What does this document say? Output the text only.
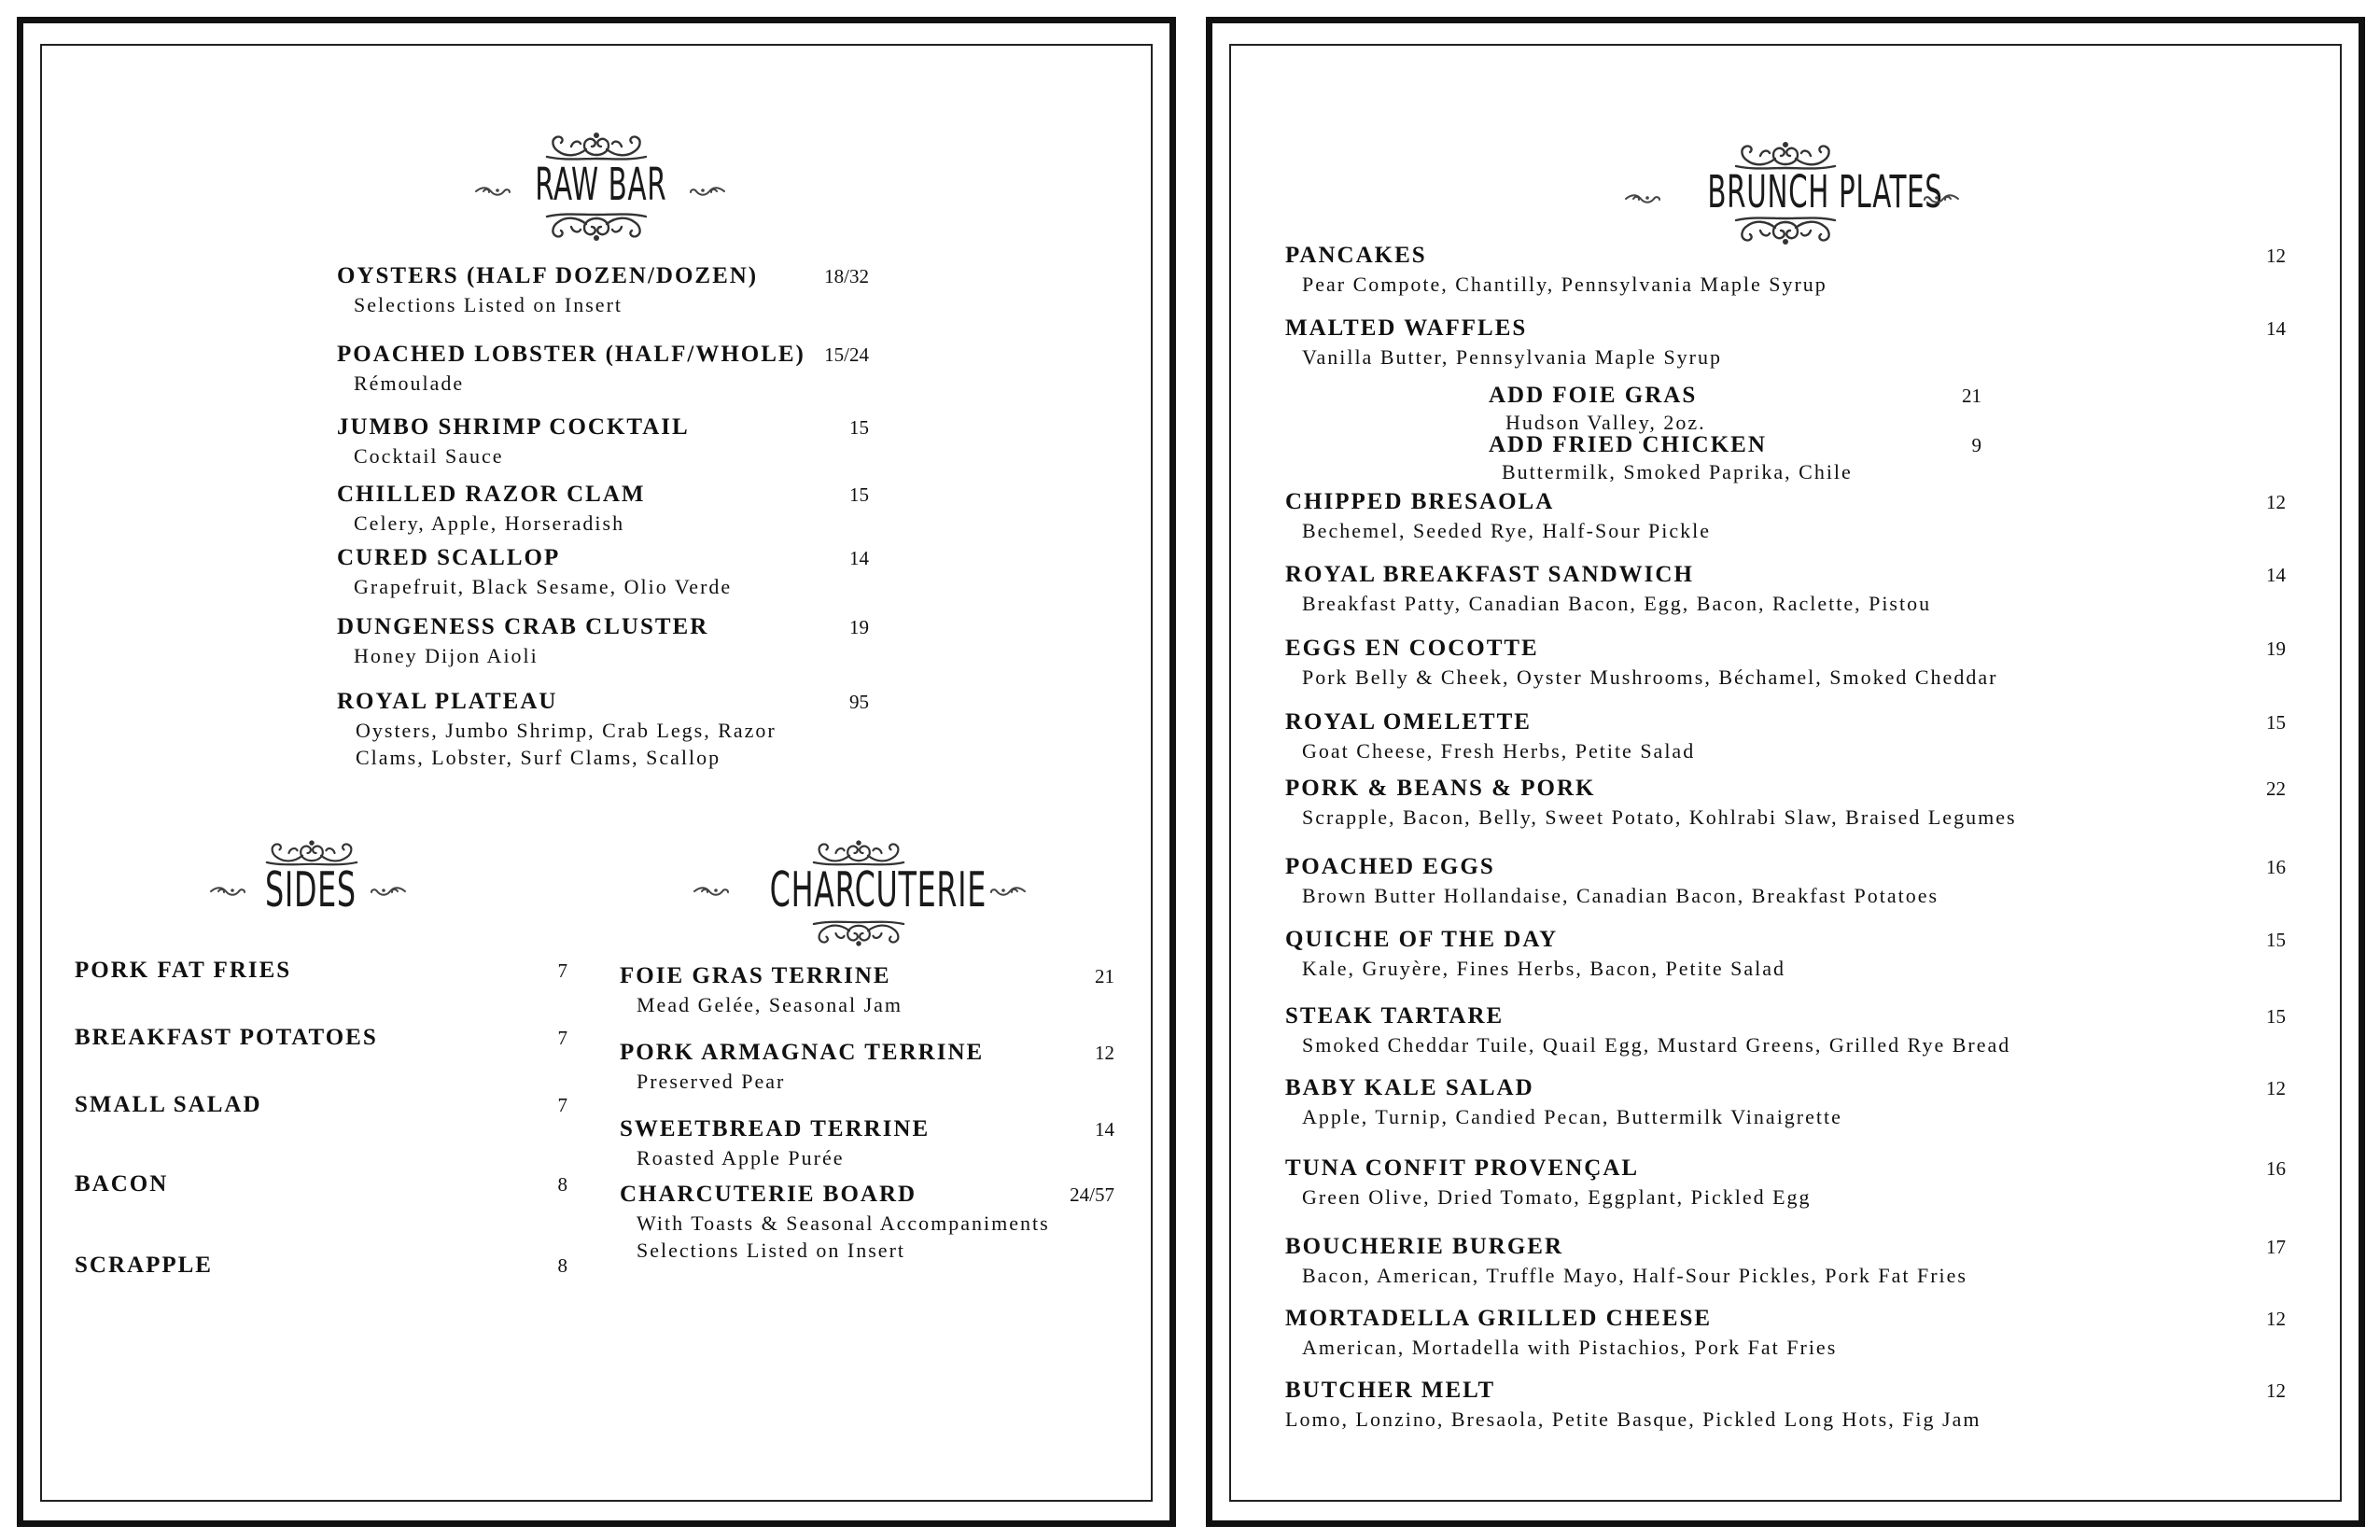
RAW BAR
OYSTERS (HALF DOZEN/DOZEN)	18/32
Selections Listed on Insert
POACHED LOBSTER (HALF/WHOLE) 15/24
Rémoulade
JUMBO SHRIMP COCKTAIL	15
Cocktail Sauce
CHILLED RAZOR CLAM	15
Celery, Apple, Horseradish
CURED SCALLOP	14
Grapefruit, Black Sesame, Olio Verde
DUNGENESS CRAB CLUSTER	19
Honey Dijon Aioli
ROYAL PLATEAU	95
Oysters, Jumbo Shrimp, Crab Legs, Razor
Clams, Lobster, Surf Clams, Scallop
SIDES
PORK FAT FRIES	7
BREAKFAST POTATOES	7
SMALL SALAD	7
BACON	8
SCRAPPLE	8
CHARCUTERIE
FOIE GRAS TERRINE	21
Mead Gelée, Seasonal Jam
PORK ARMAGNAC TERRINE	12
Preserved Pear
SWEETBREAD TERRINE	14
Roasted Apple Purée
CHARCUTERIE BOARD	24/57
With Toasts & Seasonal Accompaniments
Selections Listed on Insert
BRUNCH PLATES
PANCAKES	12
Pear Compote, Chantilly, Pennsylvania Maple Syrup
MALTED WAFFLES	14
Vanilla Butter, Pennsylvania Maple Syrup
ADD FOIE GRAS	21
Hudson Valley, 2oz.
ADD FRIED CHICKEN	9
Buttermilk, Smoked Paprika, Chile
CHIPPED BRESAOLA	12
Bechemel, Seeded Rye, Half-Sour Pickle
ROYAL BREAKFAST SANDWICH	14
Breakfast Patty, Canadian Bacon, Egg, Bacon, Raclette, Pistou
EGGS EN COCOTTE	19
Pork Belly & Cheek, Oyster Mushrooms, Béchamel, Smoked Cheddar
ROYAL OMELETTE	15
Goat Cheese, Fresh Herbs, Petite Salad
PORK & BEANS & PORK	22
Scrapple, Bacon, Belly, Sweet Potato, Kohlrabi Slaw, Braised Legumes
POACHED EGGS	16
Brown Butter Hollandaise, Canadian Bacon, Breakfast Potatoes
QUICHE OF THE DAY	15
Kale, Gruyère, Fines Herbs, Bacon, Petite Salad
STEAK TARTARE	15
Smoked Cheddar Tuile, Quail Egg, Mustard Greens, Grilled Rye Bread
BABY KALE SALAD	12
Apple, Turnip, Candied Pecan, Buttermilk Vinaigrette
TUNA CONFIT PROVENÇAL	16
Green Olive, Dried Tomato, Eggplant, Pickled Egg
BOUCHERIE BURGER	17
Bacon, American, Truffle Mayo, Half-Sour Pickles, Pork Fat Fries
MORTADELLA GRILLED CHEESE	12
American, Mortadella with Pistachios, Pork Fat Fries
BUTCHER MELT	12
Lomo, Lonzino, Bresaola, Petite Basque, Pickled Long Hots, Fig Jam
